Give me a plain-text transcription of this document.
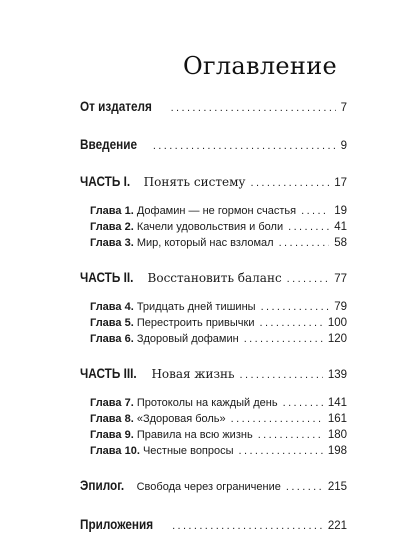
Оглавление
От издателя .....	7
Введение .....	9
ЧАСТЬ I. Понять систему .....	17
Глава 1. Дофамин — не гормон счастья .....	19
Глава 2. Качели удовольствия и боли .....	41
Глава 3. Мир, который нас взломал .....	58
ЧАСТЬ II. Восстановить баланс .....	77
Глава 4. Тридцать дней тишины .....	79
Глава 5. Перестроить привычки .....	100
Глава 6. Здоровый дофамин .....	120
ЧАСТЬ III. Новая жизнь .....	139
Глава 7. Протоколы на каждый день .....	141
Глава 8. «Здоровая боль» .....	161
Глава 9. Правила на всю жизнь .....	180
Глава 10. Честные вопросы .....	198
Эпилог. Свобода через ограничение .....	215
Приложения .....	221
